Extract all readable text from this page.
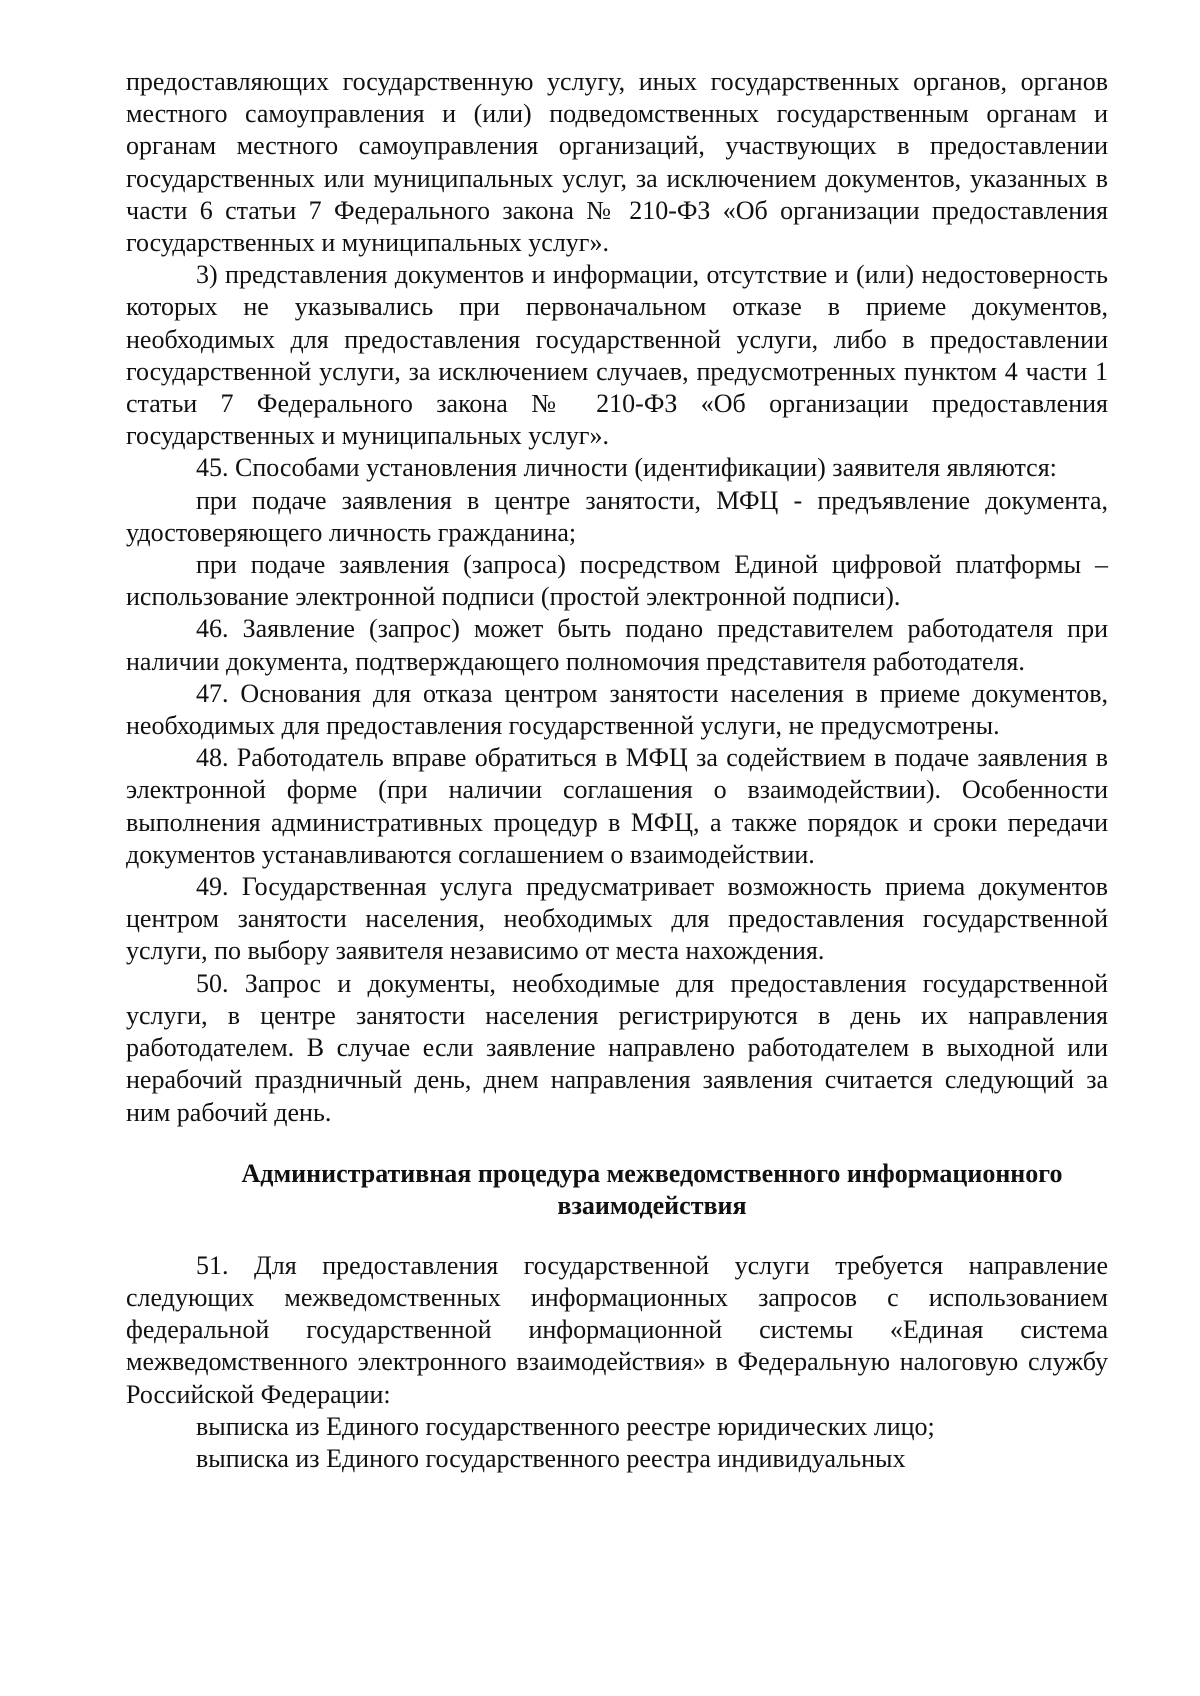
предоставляющих государственную услугу, иных государственных органов, органов местного самоуправления и (или) подведомственных государственным органам и органам местного самоуправления организаций, участвующих в предоставлении государственных или муниципальных услуг, за исключением документов, указанных в части 6 статьи 7 Федерального закона № 210-ФЗ «Об организации предоставления государственных и муниципальных услуг».

3) представления документов и информации, отсутствие и (или) недостоверность которых не указывались при первоначальном отказе в приеме документов, необходимых для предоставления государственной услуги, либо в предоставлении государственной услуги, за исключением случаев, предусмотренных пунктом 4 части 1 статьи 7 Федерального закона № 210-ФЗ «Об организации предоставления государственных и муниципальных услуг».

45. Способами установления личности (идентификации) заявителя являются:

при подаче заявления в центре занятости, МФЦ - предъявление документа, удостоверяющего личность гражданина;

при подаче заявления (запроса) посредством Единой цифровой платформы – использование электронной подписи (простой электронной подписи).

46. Заявление (запрос) может быть подано представителем работодателя при наличии документа, подтверждающего полномочия представителя работодателя.

47. Основания для отказа центром занятости населения в приеме документов, необходимых для предоставления государственной услуги, не предусмотрены.

48. Работодатель вправе обратиться в МФЦ за содействием в подаче заявления в электронной форме (при наличии соглашения о взаимодействии). Особенности выполнения административных процедур в МФЦ, а также порядок и сроки передачи документов устанавливаются соглашением о взаимодействии.

49. Государственная услуга предусматривает возможность приема документов центром занятости населения, необходимых для предоставления государственной услуги, по выбору заявителя независимо от места нахождения.

50. Запрос и документы, необходимые для предоставления государственной услуги, в центре занятости населения регистрируются в день их направления работодателем. В случае если заявление направлено работодателем в выходной или нерабочий праздничный день, днем направления заявления считается следующий за ним рабочий день.

Административная процедура межведомственного информационного взаимодействия

51. Для предоставления государственной услуги требуется направление следующих межведомственных информационных запросов с использованием федеральной государственной информационной системы «Единая система межведомственного электронного взаимодействия» в Федеральную налоговую службу Российской Федерации:

выписка из Единого государственного реестре юридических лицо;

выписка из Единого государственного реестра индивидуальных
